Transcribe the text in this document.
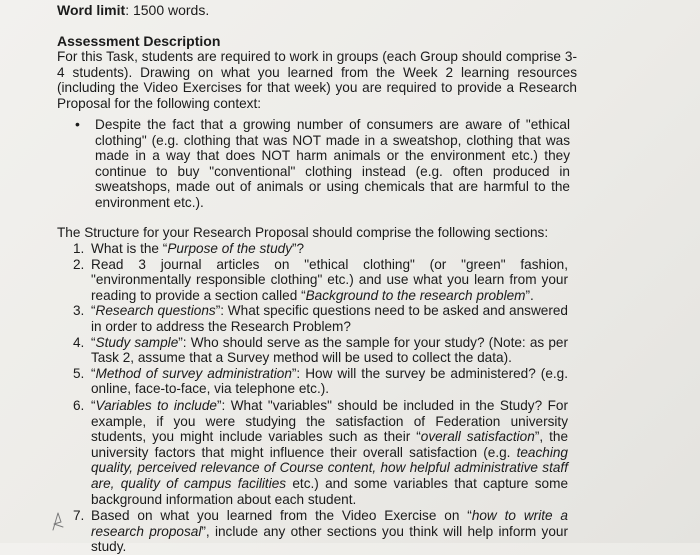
Word limit: 1500 words.

Assessment Description

For this Task, students are required to work in groups (each Group should comprise 3-4 students). Drawing on what you learned from the Week 2 learning resources (including the Video Exercises for that week) you are required to provide a Research Proposal for the following context:

• Despite the fact that a growing number of consumers are aware of "ethical clothing" (e.g. clothing that was NOT made in a sweatshop, clothing that was made in a way that does NOT harm animals or the environment etc.) they continue to buy "conventional" clothing instead (e.g. often produced in sweatshops, made out of animals or using chemicals that are harmful to the environment etc.).

The Structure for your Research Proposal should comprise the following sections:

1. What is the “Purpose of the study”?
2. Read 3 journal articles on "ethical clothing" (or "green" fashion, "environmentally responsible clothing" etc.) and use what you learn from your reading to provide a section called “Background to the research problem”.
3. “Research questions”: What specific questions need to be asked and answered in order to address the Research Problem?
4. “Study sample”: Who should serve as the sample for your study? (Note: as per Task 2, assume that a Survey method will be used to collect the data).
5. “Method of survey administration”: How will the survey be administered? (e.g. online, face-to-face, via telephone etc.).
6. “Variables to include”: What "variables" should be included in the Study? For example, if you were studying the satisfaction of Federation university students, you might include variables such as their “overall satisfaction”, the university factors that might influence their overall satisfaction (e.g. teaching quality, perceived relevance of Course content, how helpful administrative staff are, quality of campus facilities etc.) and some variables that capture some background information about each student.
7. Based on what you learned from the Video Exercise on “how to write a research proposal”, include any other sections you think will help inform your study.
